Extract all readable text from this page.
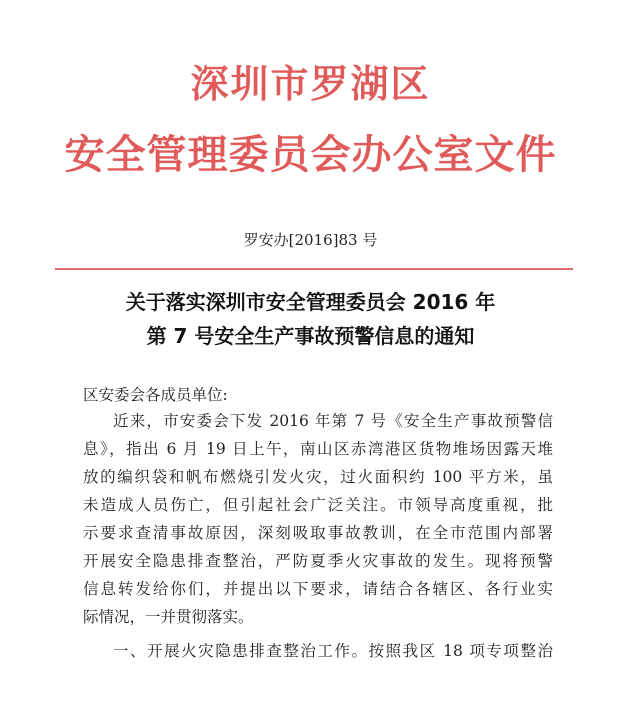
深圳市罗湖区
安全管理委员会办公室文件
罗安办[2016]83 号
关于落实深圳市安全管理委员会 2016 年
第 7 号安全生产事故预警信息的通知
区安委会各成员单位:
近来，市安委会下发 2016 年第 7 号《安全生产事故预警信
息》，指出 6 月 19 日上午，南山区赤湾港区货物堆场因露天堆
放的编织袋和帆布燃烧引发火灾，过火面积约 100 平方米，虽
未造成人员伤亡，但引起社会广泛关注。市领导高度重视，批
示要求查清事故原因，深刻吸取事故教训，在全市范围内部署
开展安全隐患排查整治，严防夏季火灾事故的发生。现将预警
信息转发给你们，并提出以下要求，请结合各辖区、各行业实
际情况，一并贯彻落实。
一、开展火灾隐患排查整治工作。按照我区 18 项专项整治
